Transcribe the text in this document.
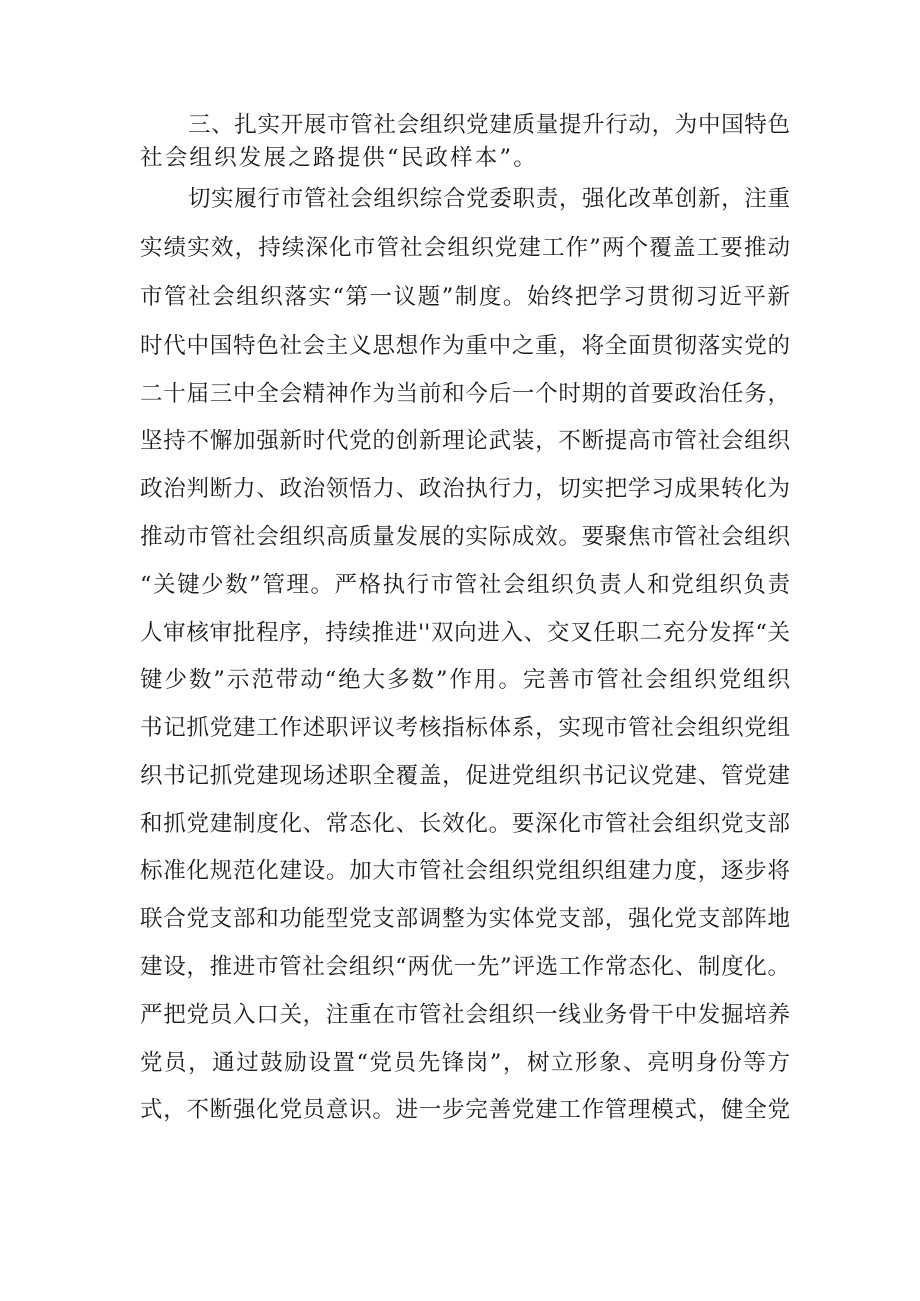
三、扎实开展市管社会组织党建质量提升行动，为中国特色
社会组织发展之路提供“民政样本”。
切实履行市管社会组织综合党委职责，强化改革创新，注重
实绩实效，持续深化市管社会组织党建工作”两个覆盖工要推动
市管社会组织落实“第一议题”制度。始终把学习贯彻习近平新
时代中国特色社会主义思想作为重中之重，将全面贯彻落实党的
二十届三中全会精神作为当前和今后一个时期的首要政治任务，
坚持不懈加强新时代党的创新理论武装，不断提高市管社会组织
政治判断力、政治领悟力、政治执行力，切实把学习成果转化为
推动市管社会组织高质量发展的实际成效。要聚焦市管社会组织
“关键少数”管理。严格执行市管社会组织负责人和党组织负责
人审核审批程序，持续推进''双向进入、交叉任职二充分发挥“关
键少数”示范带动“绝大多数”作用。完善市管社会组织党组织
书记抓党建工作述职评议考核指标体系，实现市管社会组织党组
织书记抓党建现场述职全覆盖，促进党组织书记议党建、管党建
和抓党建制度化、常态化、长效化。要深化市管社会组织党支部
标准化规范化建设。加大市管社会组织党组织组建力度，逐步将
联合党支部和功能型党支部调整为实体党支部，强化党支部阵地
建设，推进市管社会组织“两优一先”评选工作常态化、制度化。
严把党员入口关，注重在市管社会组织一线业务骨干中发掘培养
党员，通过鼓励设置“党员先锋岗”，树立形象、亮明身份等方
式，不断强化党员意识。进一步完善党建工作管理模式，健全党
